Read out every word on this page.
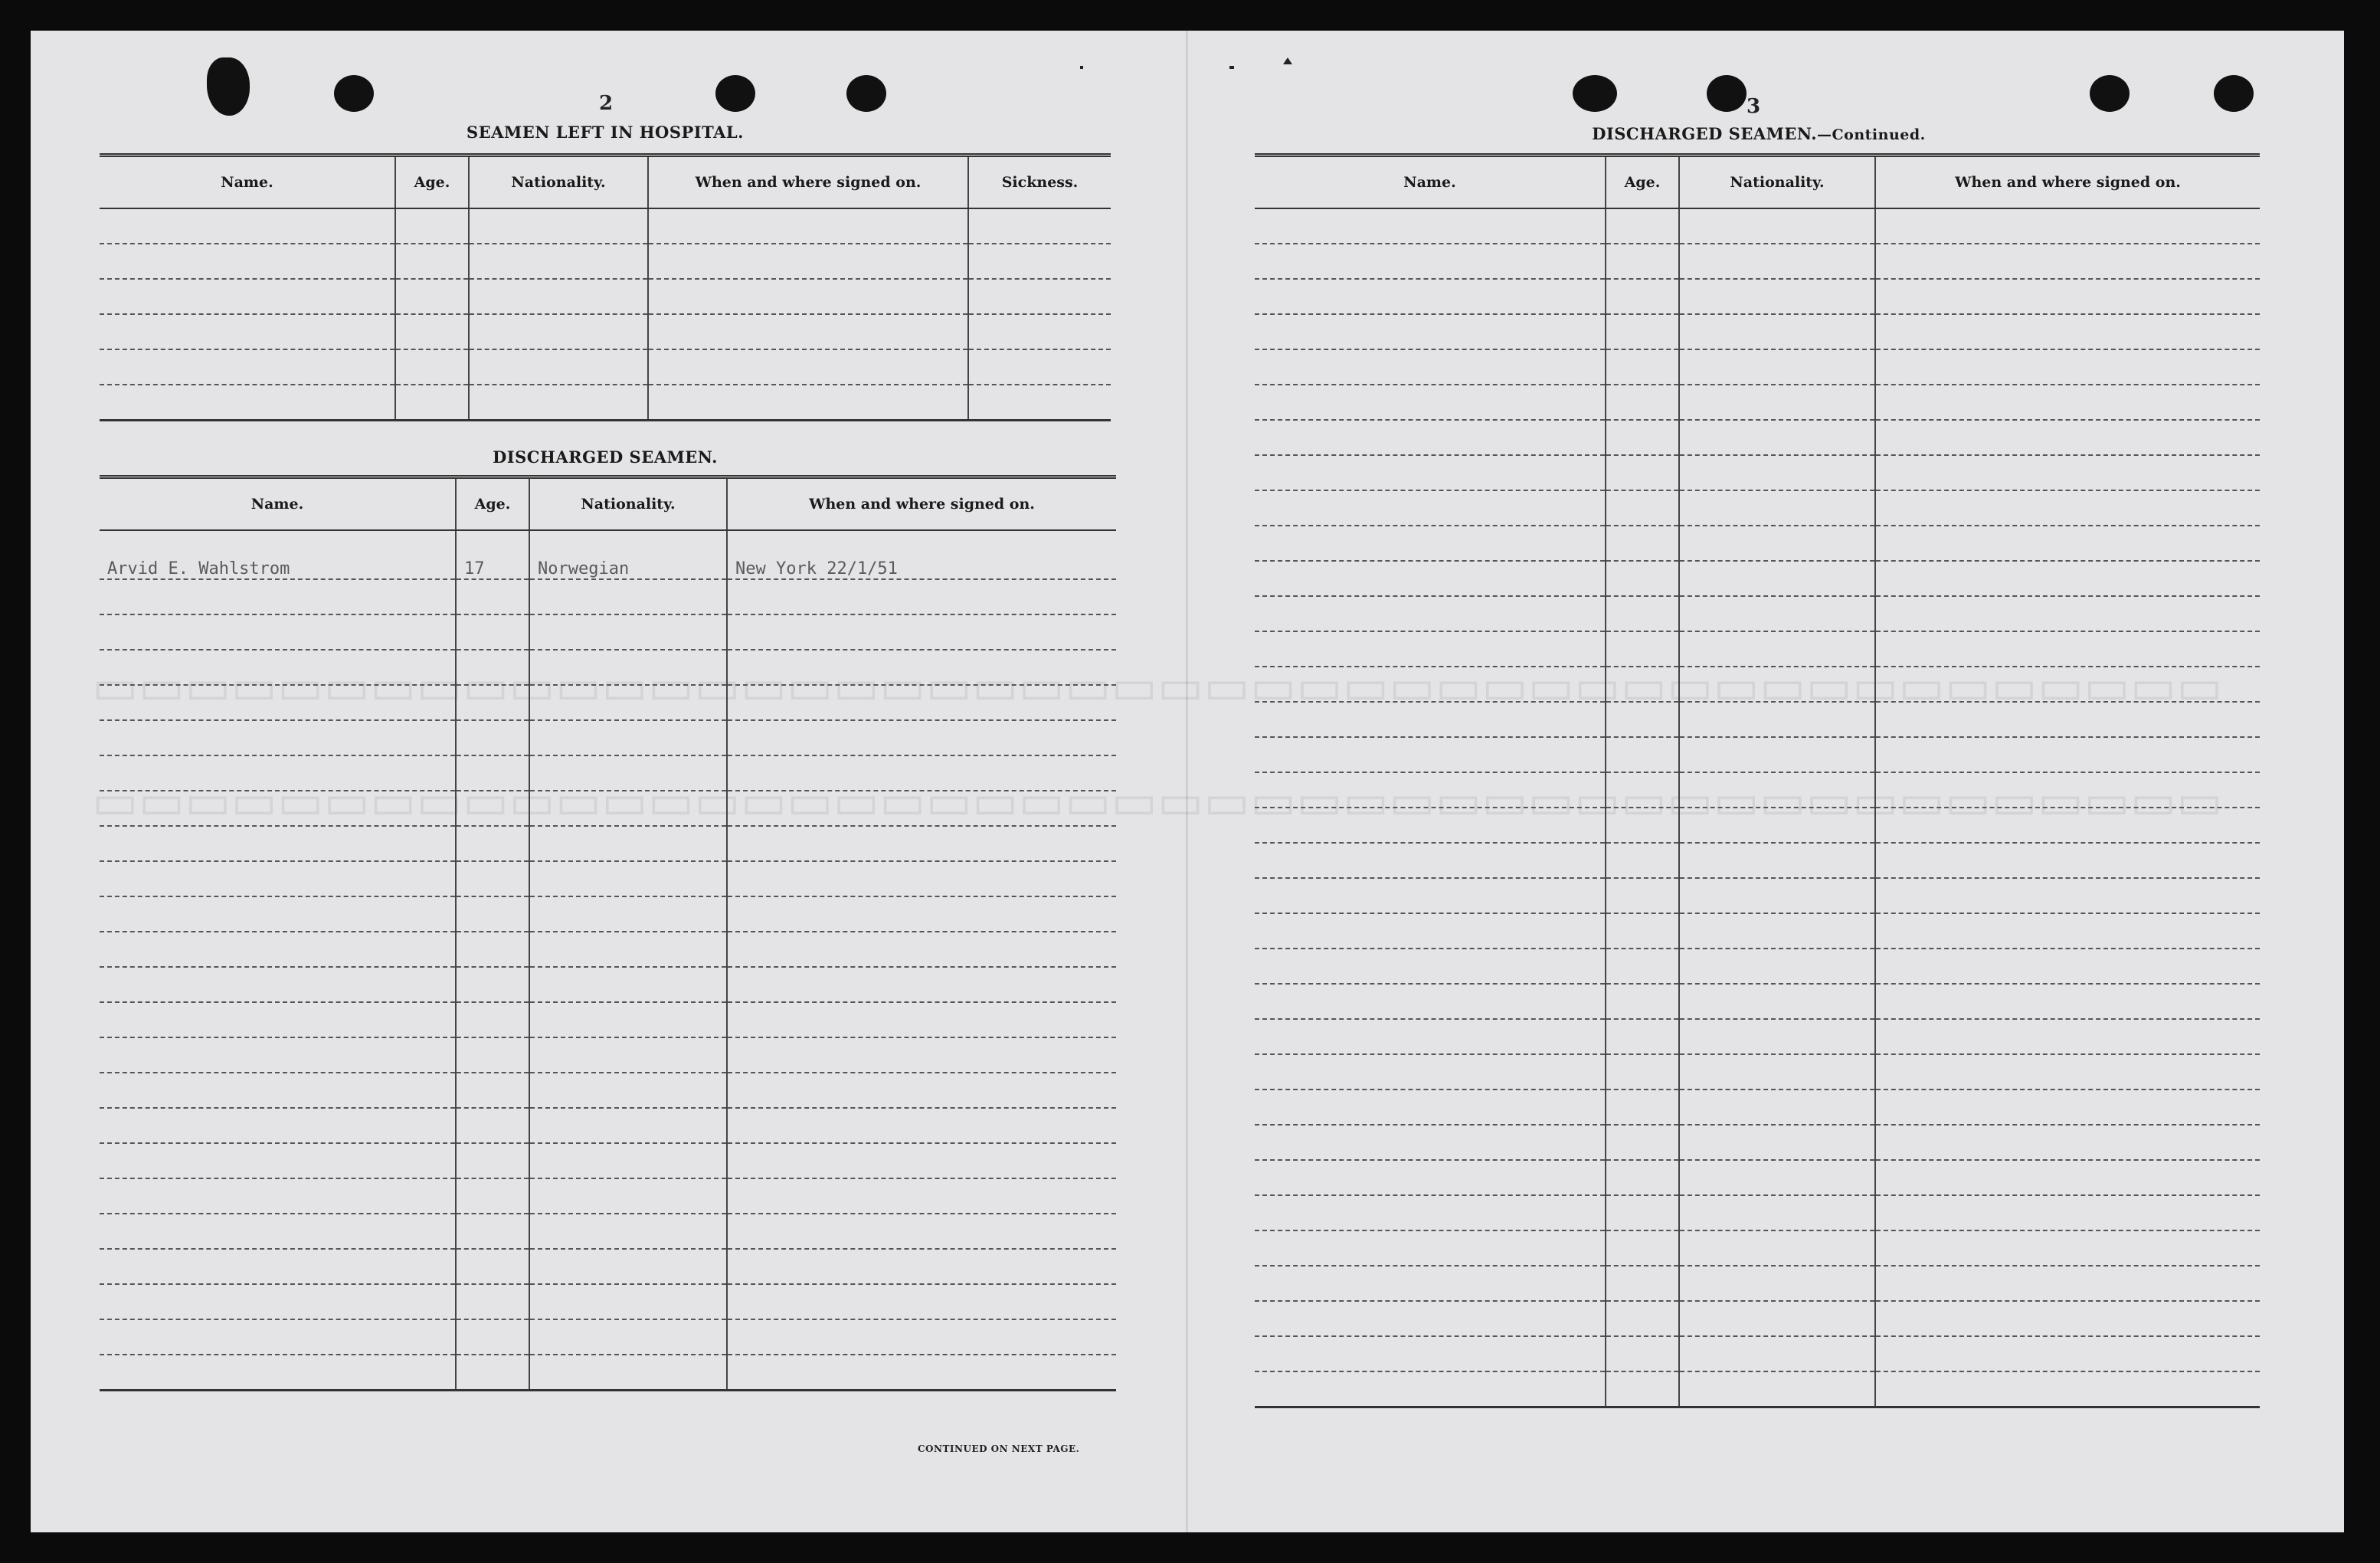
▭▭▭▭▭▭▭▭▭▭▭▭▭▭▭▭▭▭▭▭▭▭▭▭▭▭▭▭▭▭▭▭▭▭▭▭▭▭▭▭▭▭▭▭▭▭
▭▭▭▭▭▭▭▭▭▭▭▭▭▭▭▭▭▭▭▭▭▭▭▭▭▭▭▭▭▭▭▭▭▭▭▭▭▭▭▭▭▭▭▭▭▭
2
SEAMEN LEFT IN HOSPITAL.
Name.	Age.	Nationality.	When and where signed on.	Sickness.

DISCHARGED SEAMEN.
Name.	Age.	Nationality.	When and where signed on.
Arvid E. Wahlstrom	17	Norwegian	New York 22/1/51

CONTINUED ON NEXT PAGE.
3
DISCHARGED SEAMEN.—Continued.
Name.	Age.	Nationality.	When and where signed on.
